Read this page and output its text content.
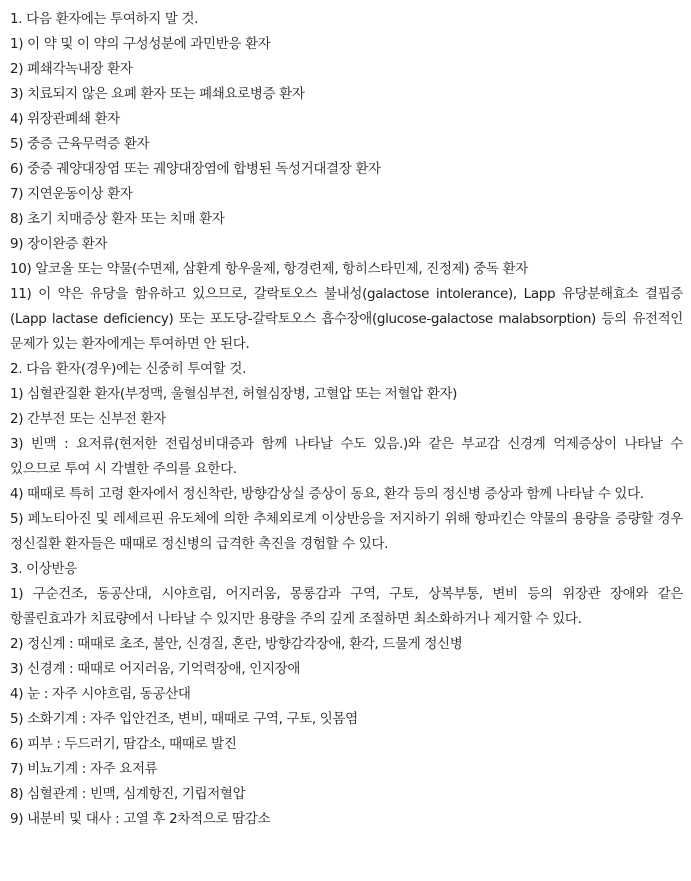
1. 다음 환자에는 투여하지 말 것.

1) 이 약 및 이 약의 구성성분에 과민반응 환자

2) 폐쇄각녹내장 환자

3) 치료되지 않은 요폐 환자 또는 폐쇄요로병증 환자

4) 위장관폐쇄 환자

5) 중증 근육무력증 환자

6) 중증 궤양대장염 또는 궤양대장염에 합병된 독성거대결장 환자

7) 지연운동이상 환자

8) 초기 치매증상 환자 또는 치매 환자

9) 장이완증 환자

10) 알코올 또는 약물(수면제, 삼환계 항우울제, 항경련제, 항히스타민제, 진정제) 중독 환자

11) 이 약은 유당을 함유하고 있으므로, 갈락토오스 불내성(galactose intolerance), Lapp 유당분해효소 결핍증(Lapp lactase deficiency) 또는 포도당-갈락토오스 흡수장애(glucose-galactose malabsorption) 등의 유전적인 문제가 있는 환자에게는 투여하면 안 된다.

2. 다음 환자(경우)에는 신중히 투여할 것.

1) 심혈관질환 환자(부정맥, 울혈심부전, 허혈심장병, 고혈압 또는 저혈압 환자)

2) 간부전 또는 신부전 환자

3) 빈맥 : 요저류(현저한 전립성비대증과 함께 나타날 수도 있음.)와 같은 부교감 신경계 억제증상이 나타날 수 있으므로 투여 시 각별한 주의를 요한다.

4) 때때로 특히 고령 환자에서 정신착란, 방향감상실 증상이 동요, 환각 등의 정신병 증상과 함께 나타날 수 있다.

5) 페노티아진 및 레세르핀 유도체에 의한 추체외로계 이상반응을 저지하기 위해 항파킨슨 약물의 용량을 증량할 경우 정신질환 환자들은 때때로 정신병의 급격한 촉진을 경험할 수 있다.

3. 이상반응

1) 구순건조, 동공산대, 시야흐림, 어지러움, 몽롱감과 구역, 구토, 상복부통, 변비 등의 위장관 장애와 같은 항콜린효과가 치료량에서 나타날 수 있지만 용량을 주의 깊게 조절하면 최소화하거나 제거할 수 있다.

2) 정신계 : 때때로 초조, 불안, 신경질, 혼란, 방향감각장애, 환각, 드물게 정신병

3) 신경계 : 때때로 어지러움, 기억력장애, 인지장애

4) 눈 : 자주 시야흐림, 동공산대

5) 소화기계 : 자주 입안건조, 변비, 때때로 구역, 구토, 잇몸염

6) 피부 : 두드러기, 땀감소, 때때로 발진

7) 비뇨기계 : 자주 요저류

8) 심혈관계 : 빈맥, 심계항진, 기립저혈압

9) 내분비 및 대사 : 고열 후 2차적으로 땀감소
